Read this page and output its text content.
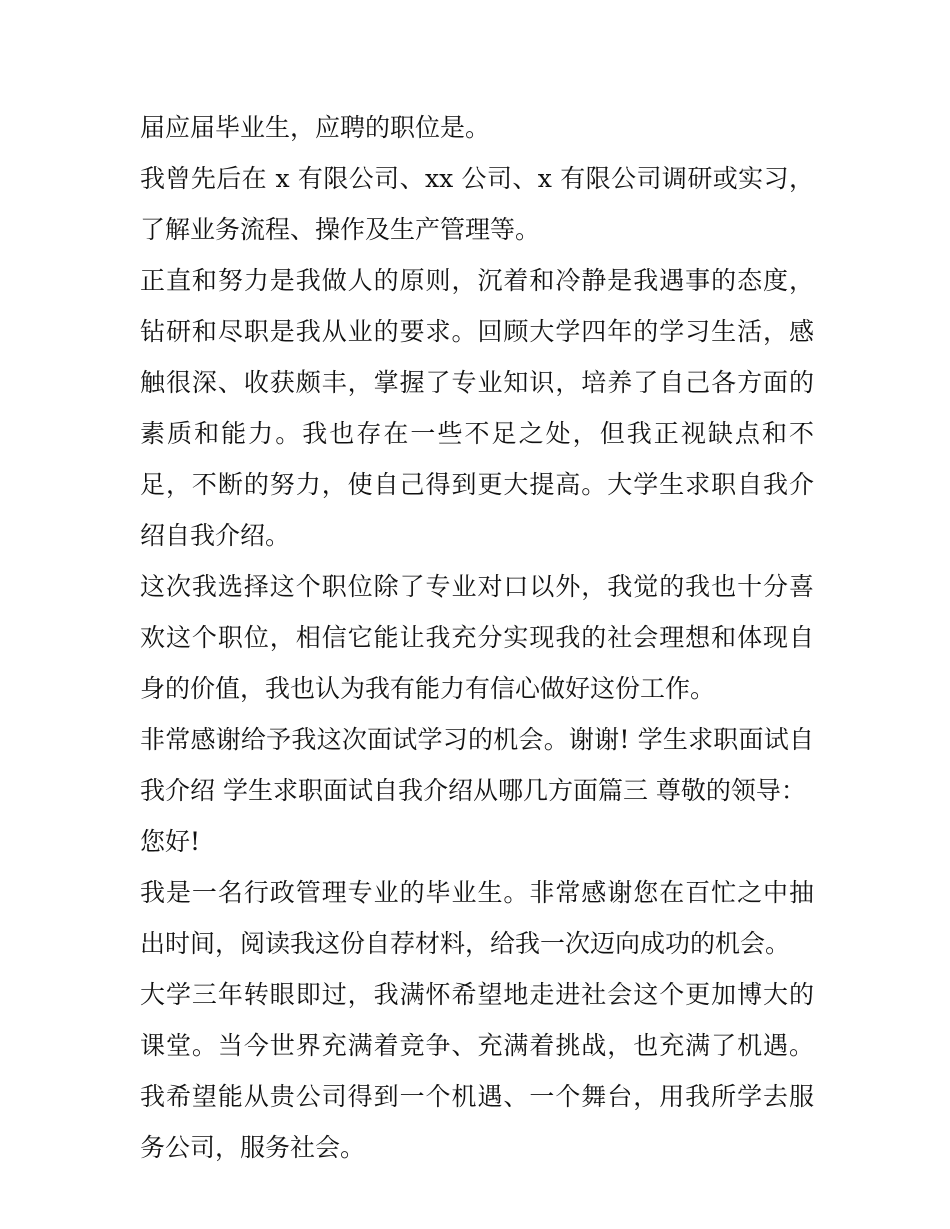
届应届毕业生，应聘的职位是。

我曾先后在 x 有限公司、xx 公司、x 有限公司调研或实习，了解业务流程、操作及生产管理等。

正直和努力是我做人的原则，沉着和冷静是我遇事的态度，钻研和尽职是我从业的要求。回顾大学四年的学习生活，感触很深、收获颇丰，掌握了专业知识，培养了自己各方面的素质和能力。我也存在一些不足之处，但我正视缺点和不足，不断的努力，使自己得到更大提高。大学生求职自我介绍自我介绍。

这次我选择这个职位除了专业对口以外，我觉的我也十分喜欢这个职位，相信它能让我充分实现我的社会理想和体现自身的价值，我也认为我有能力有信心做好这份工作。

非常感谢给予我这次面试学习的机会。谢谢! 学生求职面试自我介绍 学生求职面试自我介绍从哪几方面篇三 尊敬的领导：

您好!

我是一名行政管理专业的毕业生。非常感谢您在百忙之中抽出时间，阅读我这份自荐材料，给我一次迈向成功的机会。

大学三年转眼即过，我满怀希望地走进社会这个更加博大的课堂。当今世界充满着竞争、充满着挑战，也充满了机遇。我希望能从贵公司得到一个机遇、一个舞台，用我所学去服务公司，服务社会。
